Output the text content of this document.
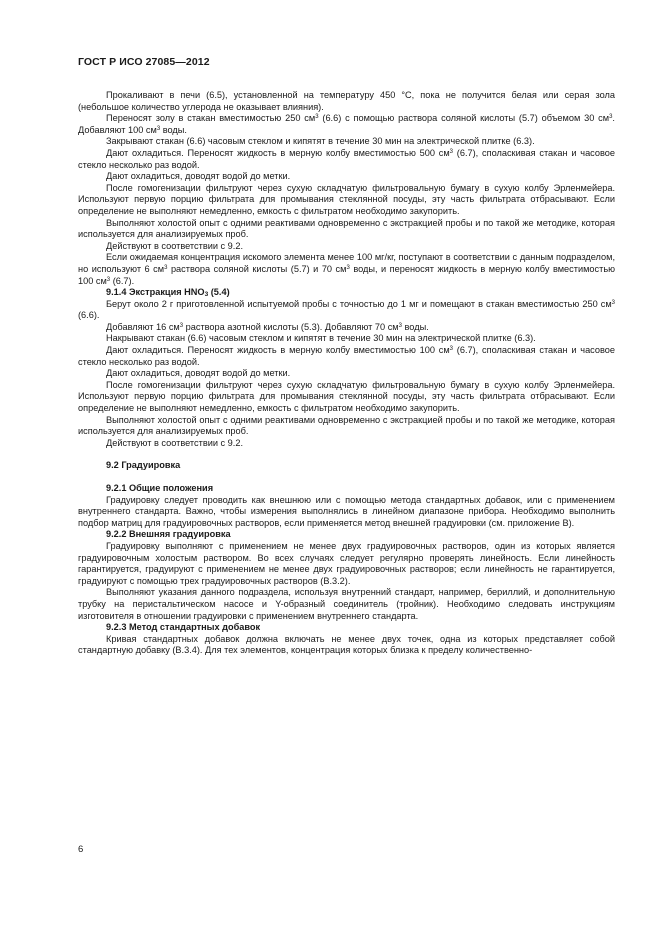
ГОСТ Р ИСО 27085—2012

Прокаливают в печи (6.5), установленной на температуру 450 °С, пока не получится белая или серая зола (небольшое количество углерода не оказывает влияния).

Переносят золу в стакан вместимостью 250 $см^3$ (6.6) с помощью раствора соляной кислоты (5.7) объемом 30 $см^3$. Добавляют 100 $см^3$ воды.

Закрывают стакан (6.6) часовым стеклом и кипятят в течение 30 мин на электрической плитке (6.3).

Дают охладиться. Переносят жидкость в мерную колбу вместимостью 500 $см^3$ (6.7), споласкивая стакан и часовое стекло несколько раз водой.

Дают охладиться, доводят водой до метки.

После гомогенизации фильтруют через сухую складчатую фильтровальную бумагу в сухую колбу Эрленмейера. Используют первую порцию фильтрата для промывания стеклянной посуды, эту часть фильтрата отбрасывают. Если определение не выполняют немедленно, емкость с фильтратом необходимо закупорить.

Выполняют холостой опыт с одними реактивами одновременно с экстракцией пробы и по такой же методике, которая используется для анализируемых проб.

Действуют в соответствии с 9.2.

Если ожидаемая концентрация искомого элемента менее 100 мг/кг, поступают в соответствии с данным подразделом, но используют 6 $см^3$ раствора соляной кислоты (5.7) и 70 $см^3$ воды, и переносят жидкость в мерную колбу вместимостью 100 $см^3$ (6.7).

9.1.4 Экстракция $HNO_3$ (5.4)

Берут около 2 г приготовленной испытуемой пробы с точностью до 1 мг и помещают в стакан вместимостью 250 $см^3$ (6.6).

Добавляют 16 $см^3$ раствора азотной кислоты (5.3). Добавляют 70 $см^3$ воды.

Накрывают стакан (6.6) часовым стеклом и кипятят в течение 30 мин на электрической плитке (6.3).

Дают охладиться. Переносят жидкость в мерную колбу вместимостью 100 $см^3$ (6.7), споласкивая стакан и часовое стекло несколько раз водой.

Дают охладиться, доводят водой до метки.

После гомогенизации фильтруют через сухую складчатую фильтровальную бумагу в сухую колбу Эрленмейера. Используют первую порцию фильтрата для промывания стеклянной посуды, эту часть фильтрата отбрасывают. Если определение не выполняют немедленно, емкость с фильтратом необходимо закупорить.

Выполняют холостой опыт с одними реактивами одновременно с экстракцией пробы и по такой же методике, которая используется для анализируемых проб.

Действуют в соответствии с 9.2.

9.2 Градуировка
9.2.1 Общие положения

Градуировку следует проводить как внешнюю или с помощью метода стандартных добавок, или с применением внутреннего стандарта. Важно, чтобы измерения выполнялись в линейном диапазоне прибора. Необходимо выполнить подбор матриц для градуировочных растворов, если применяется метод внешней градуировки (см. приложение В).

9.2.2 Внешняя градуировка

Градуировку выполняют с применением не менее двух градуировочных растворов, один из которых является градуировочным холостым раствором. Во всех случаях следует регулярно проверять линейность. Если линейность гарантируется, градуируют с применением не менее двух градуировочных растворов; если линейность не гарантируется, градуируют с помощью трех градуировочных растворов (В.3.2).

Выполняют указания данного подраздела, используя внутренний стандарт, например, бериллий, и дополнительную трубку на перистальтическом насосе и Y-образный соединитель (тройник). Необходимо следовать инструкциям изготовителя в отношении градуировки с применением внутреннего стандарта.

9.2.3 Метод стандартных добавок

Кривая стандартных добавок должна включать не менее двух точек, одна из которых представляет собой стандартную добавку (В.3.4). Для тех элементов, концентрация которых близка к пределу количественно-

6
